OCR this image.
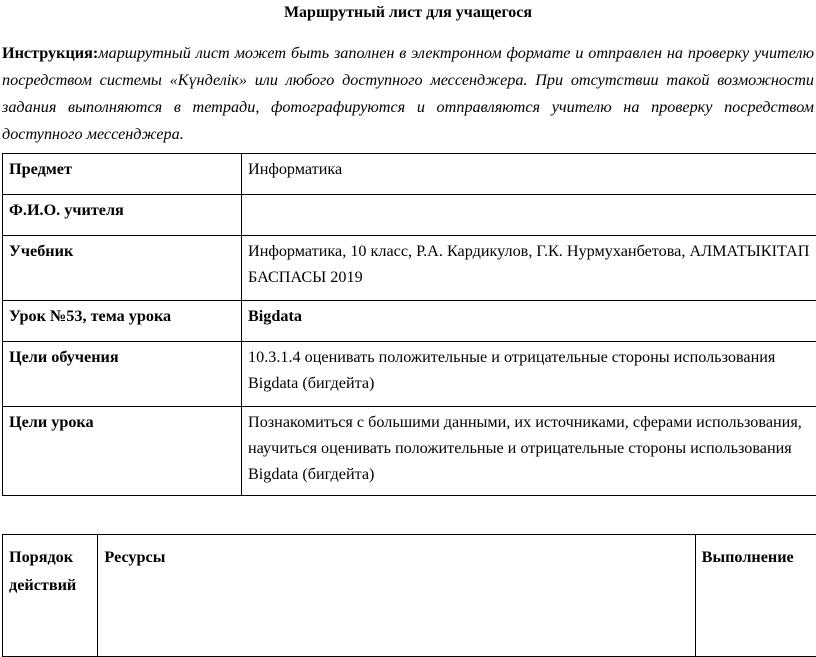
Маршрутный лист для учащегося
Инструкция:маршрутный лист может быть заполнен в электронном формате и отправлен на проверку учителю посредством системы «Күнделік» или любого доступного мессенджера. При отсутствии такой возможности задания выполняются в тетради, фотографируются и отправляются учителю на проверку посредством доступного мессенджера.
Предмет	Информатика
Ф.И.О. учителя	
Учебник	Информатика, 10 класс, Р.А. Кардикулов, Г.К. Нурмуханбетова, АЛМАТЫКІТАП БАСПАСЫ 2019
Урок №53, тема урока	Bigdata
Цели обучения	10.3.1.4 оценивать положительные и отрицательные стороны использования Bigdata (бигдейта)
Цели урока	Познакомиться с большими данными, их источниками, сферами использования, научиться оценивать положительные и отрицательные стороны использования Bigdata (бигдейта)
Порядок действий	Ресурсы	Выполнение
